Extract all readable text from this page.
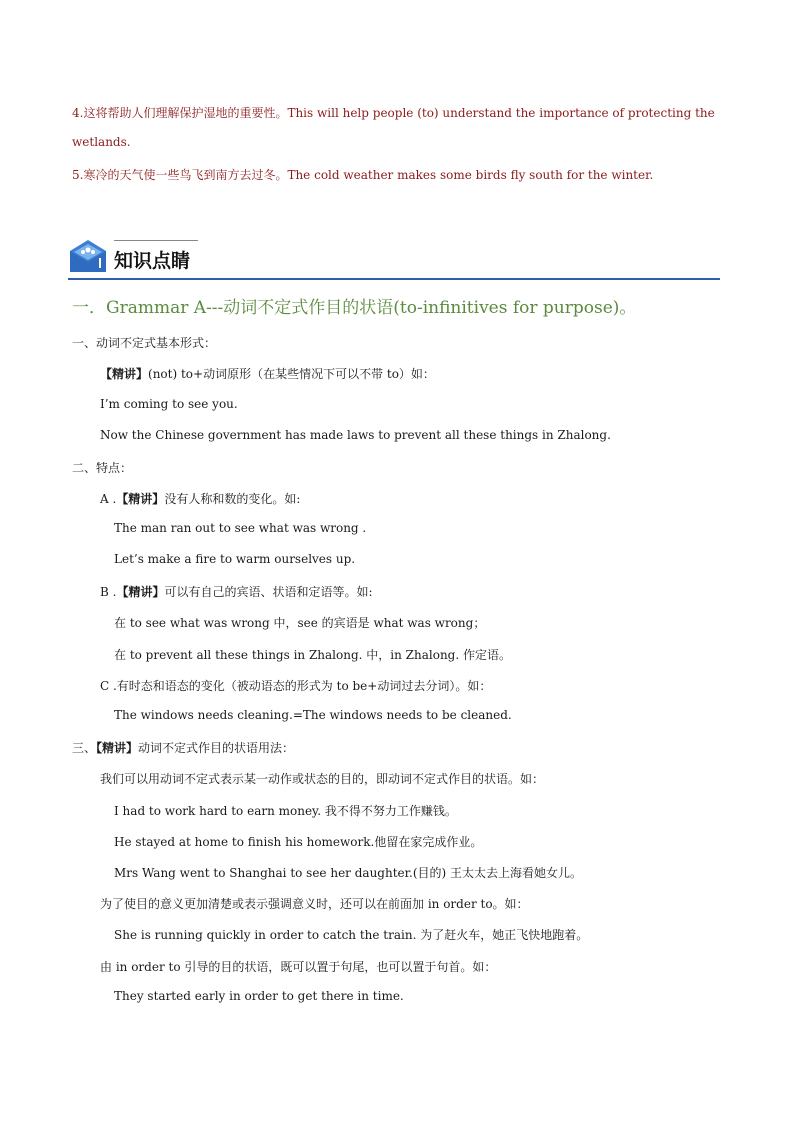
4.这将帮助人们理解保护湿地的重要性。This will help people (to) understand the importance of protecting the
wetlands.
5.寒冷的天气使一些鸟飞到南方去过冬。The cold weather makes some birds fly south for the winter.
知识点睛
一．Grammar A---动词不定式作目的状语(to-infinitives for purpose)。
一、动词不定式基本形式：
【精讲】(not) to+动词原形（在某些情况下可以不带 to）如：
I’m coming to see you.
Now the Chinese government has made laws to prevent all these things in Zhalong.
二、特点：
A .【精讲】没有人称和数的变化。如:
The man ran out to see what was wrong .
Let’s make a fire to warm ourselves up.
B .【精讲】可以有自己的宾语、状语和定语等。如:
在 to see what was wrong 中，see 的宾语是 what was wrong；
在 to prevent all these things in Zhalong. 中，in Zhalong. 作定语。
C .有时态和语态的变化（被动语态的形式为 to be+动词过去分词）。如：
The windows needs cleaning.=The windows needs to be cleaned.
三、【精讲】动词不定式作目的状语用法：
我们可以用动词不定式表示某一动作或状态的目的，即动词不定式作目的状语。如：
I had to work hard to earn money. 我不得不努力工作赚钱。
He stayed at home to finish his homework.他留在家完成作业。
Mrs Wang went to Shanghai to see her daughter.(目的) 王太太去上海看她女儿。
为了使目的意义更加清楚或表示强调意义时，还可以在前面加 in order to。如：
She is running quickly in order to catch the train. 为了赶火车，她正飞快地跑着。
由 in order to 引导的目的状语，既可以置于句尾，也可以置于句首。如：
They started early in order to get there in time.
